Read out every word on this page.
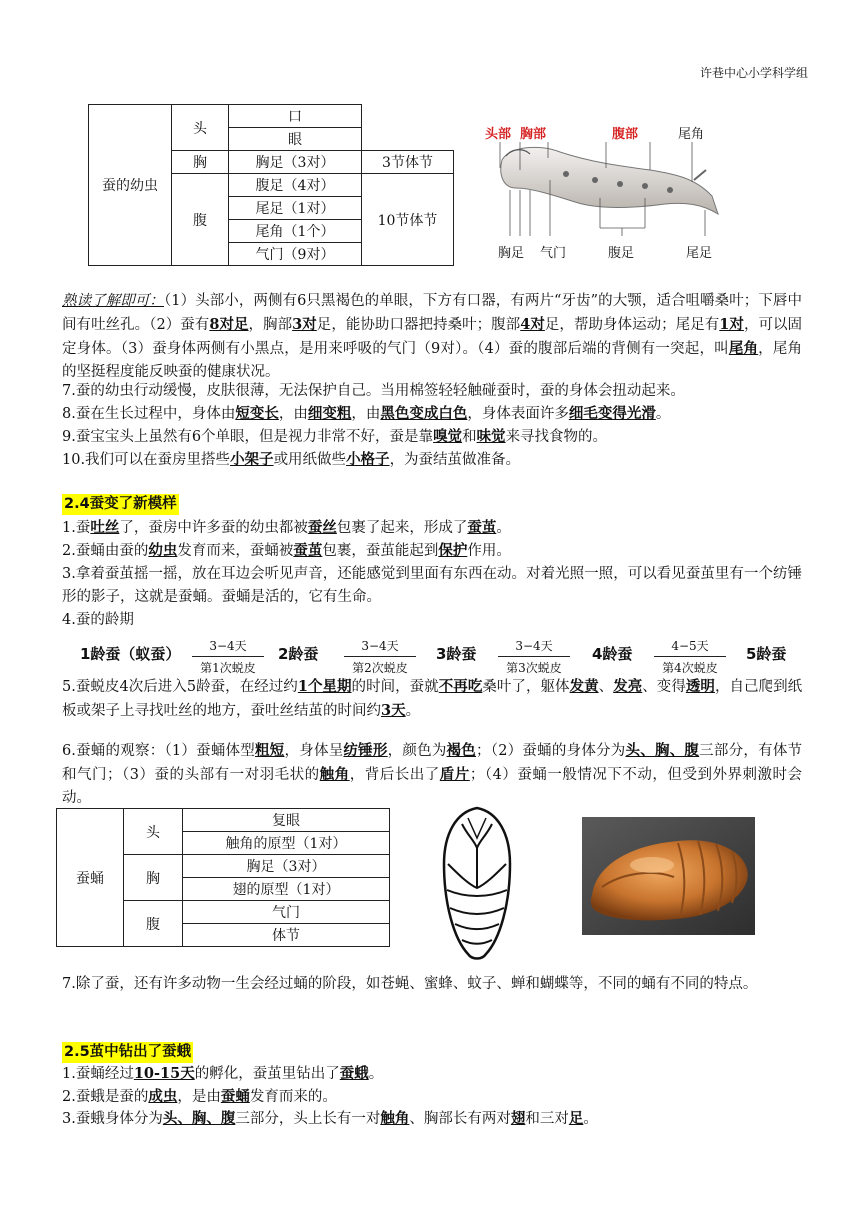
许巷中心小学科学组
蚕的幼虫	头	口	
		眼	
	胸	胸足（3对）	3节体节
	腹	腹足（4对）	10节体节
		尾足（1对）	
		尾角（1个）	
		气门（9对）	
头部 胸部	腹部	尾角
胸足 气门	腹足	尾足
熟读了解即可：（1）头部小，两侧有6只黑褐色的单眼，下方有口器，有两片“牙齿”的大颚，适合咀嚼桑叶；下唇中间有吐丝孔。（2）蚕有8对足，胸部3对足，能协助口器把持桑叶；腹部4对足，帮助身体运动；尾足有1对，可以固定身体。（3）蚕身体两侧有小黑点，是用来呼吸的气门（9对）。（4）蚕的腹部后端的背侧有一突起，叫尾角，尾角的坚挺程度能反映蚕的健康状况。
7.蚕的幼虫行动缓慢，皮肤很薄，无法保护自己。当用棉签轻轻触碰蚕时，蚕的身体会扭动起来。
8.蚕在生长过程中，身体由短变长，由细变粗，由黑色变成白色，身体表面许多细毛变得光滑。
9.蚕宝宝头上虽然有6个单眼，但是视力非常不好，蚕是靠嗅觉和味觉来寻找食物的。
10.我们可以在蚕房里搭些小架子或用纸做些小格子，为蚕结茧做准备。
2.4蚕变了新模样
1.蚕吐丝了，蚕房中许多蚕的幼虫都被蚕丝包裹了起来，形成了蚕茧。
2.蚕蛹由蚕的幼虫发育而来，蚕蛹被蚕茧包裹，蚕茧能起到保护作用。
3.拿着蚕茧摇一摇，放在耳边会听见声音，还能感觉到里面有东西在动。对着光照一照，可以看见蚕茧里有一个纺锤形的影子，这就是蚕蛹。蚕蛹是活的，它有生命。
4.蚕的龄期
1龄蚕（蚁蚕）	3−4天
第1次蜕皮
2龄蚕	3−4天
第2次蜕皮
3龄蚕	3−4天
第3次蜕皮
4龄蚕	4−5天
第4次蜕皮
5龄蚕
5.蚕蜕皮4次后进入5龄蚕，在经过约1个星期的时间，蚕就不再吃桑叶了，躯体发黄、发亮、变得透明，自己爬到纸板或架子上寻找吐丝的地方，蚕吐丝结茧的时间约3天。
6.蚕蛹的观察：（1）蚕蛹体型粗短，身体呈纺锤形，颜色为褐色；（2）蚕蛹的身体分为头、胸、腹三部分，有体节和气门；（3）蚕的头部有一对羽毛状的触角，背后长出了盾片；（4）蚕蛹一般情况下不动，但受到外界刺激时会动。
蚕蛹	头	复眼
		触角的原型（1对）
	胸	胸足（3对）
		翅的原型（1对）
	腹	气门
		体节
7.除了蚕，还有许多动物一生会经过蛹的阶段，如苍蝇、蜜蜂、蚊子、蝉和蝴蝶等，不同的蛹有不同的特点。
2.5茧中钻出了蚕蛾
1.蚕蛹经过10-15天的孵化，蚕茧里钻出了蚕蛾。
2.蚕蛾是蚕的成虫，是由蚕蛹发育而来的。
3.蚕蛾身体分为头、胸、腹三部分，头上长有一对触角、胸部长有两对翅和三对足。
